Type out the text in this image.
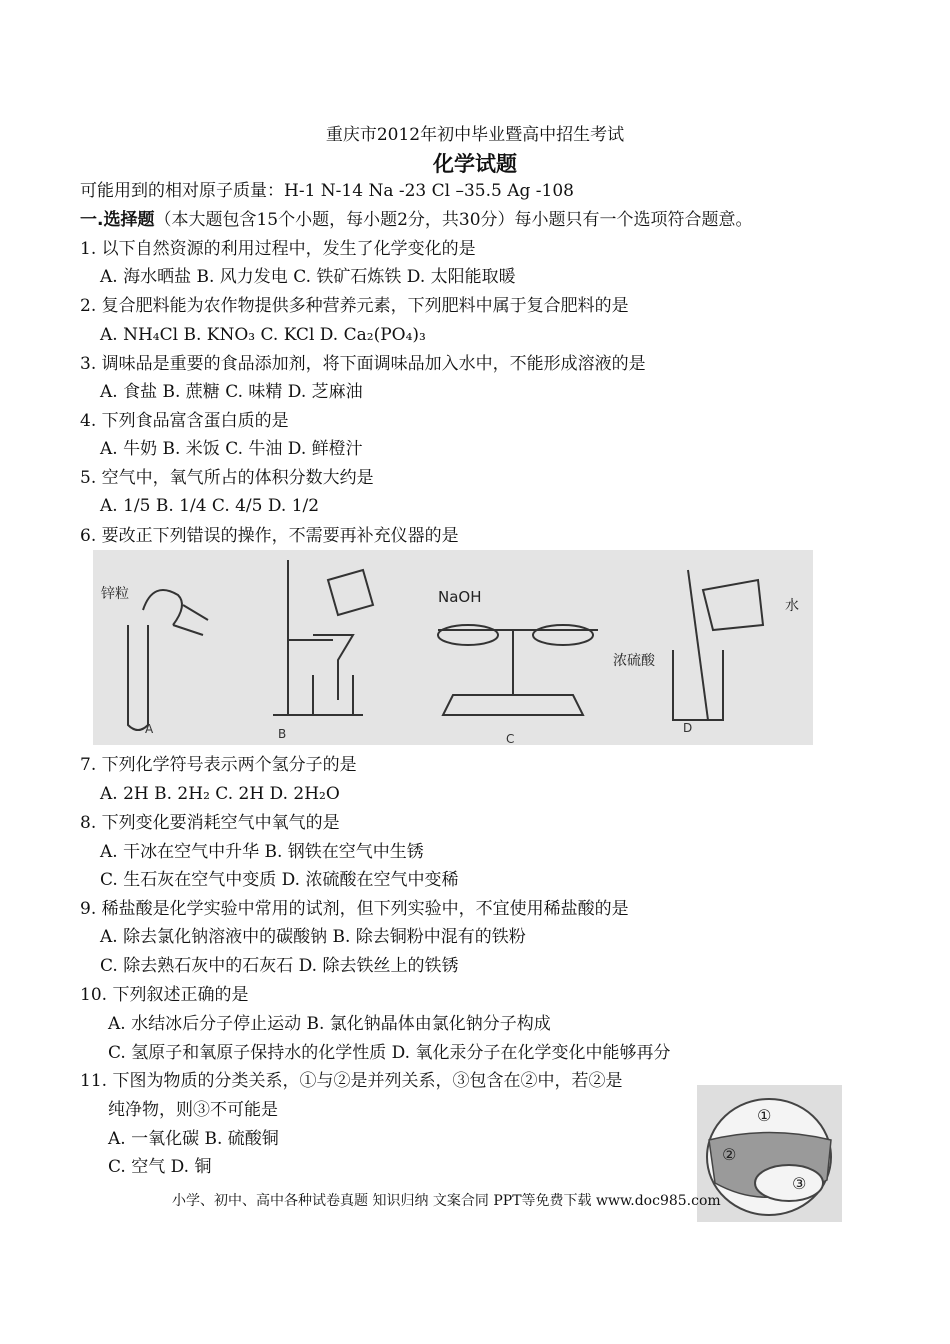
重庆市2012年初中毕业暨高中招生考试
化学试题
可能用到的相对原子质量：H-1 N-14 Na -23 Cl –35.5 Ag -108
一.选择题（本大题包含15个小题，每小题2分，共30分）每小题只有一个选项符合题意。
1. 以下自然资源的利用过程中，发生了化学变化的是
A. 海水晒盐 B. 风力发电 C. 铁矿石炼铁 D. 太阳能取暖
2. 复合肥料能为农作物提供多种营养元素，下列肥料中属于复合肥料的是
A. NH₄Cl B. KNO₃ C. KCl D. Ca₂(PO₄)₃
3. 调味品是重要的食品添加剂，将下面调味品加入水中，不能形成溶液的是
A. 食盐 B. 蔗糖 C. 味精 D. 芝麻油
4. 下列食品富含蛋白质的是
A. 牛奶 B. 米饭 C. 牛油 D. 鲜橙汁
5. 空气中，氧气所占的体积分数大约是
A. 1/5 B. 1/4 C. 4/5 D. 1/2
6. 要改正下列错误的操作，不需要再补充仪器的是
锌粒	NaOH	水
浓硫酸
A	B	C
D
7. 下列化学符号表示两个氢分子的是
A. 2H B. 2H₂ C. 2H D. 2H₂O
8. 下列变化要消耗空气中氧气的是
A. 干冰在空气中升华 B. 钢铁在空气中生锈
C. 生石灰在空气中变质 D. 浓硫酸在空气中变稀
9. 稀盐酸是化学实验中常用的试剂，但下列实验中，不宜使用稀盐酸的是
A. 除去氯化钠溶液中的碳酸钠 B. 除去铜粉中混有的铁粉
C. 除去熟石灰中的石灰石 D. 除去铁丝上的铁锈
10. 下列叙述正确的是
A. 水结冰后分子停止运动 B. 氯化钠晶体由氯化钠分子构成
C. 氢原子和氧原子保持水的化学性质 D. 氧化汞分子在化学变化中能够再分
11. 下图为物质的分类关系，①与②是并列关系，③包含在②中，若②是
纯净物，则③不可能是
A. 一氧化碳 B. 硫酸铜
C. 空气 D. 铜
①
②
③
小学、初中、高中各种试卷真题 知识归纳 文案合同 PPT等免费下载 www.doc985.com
